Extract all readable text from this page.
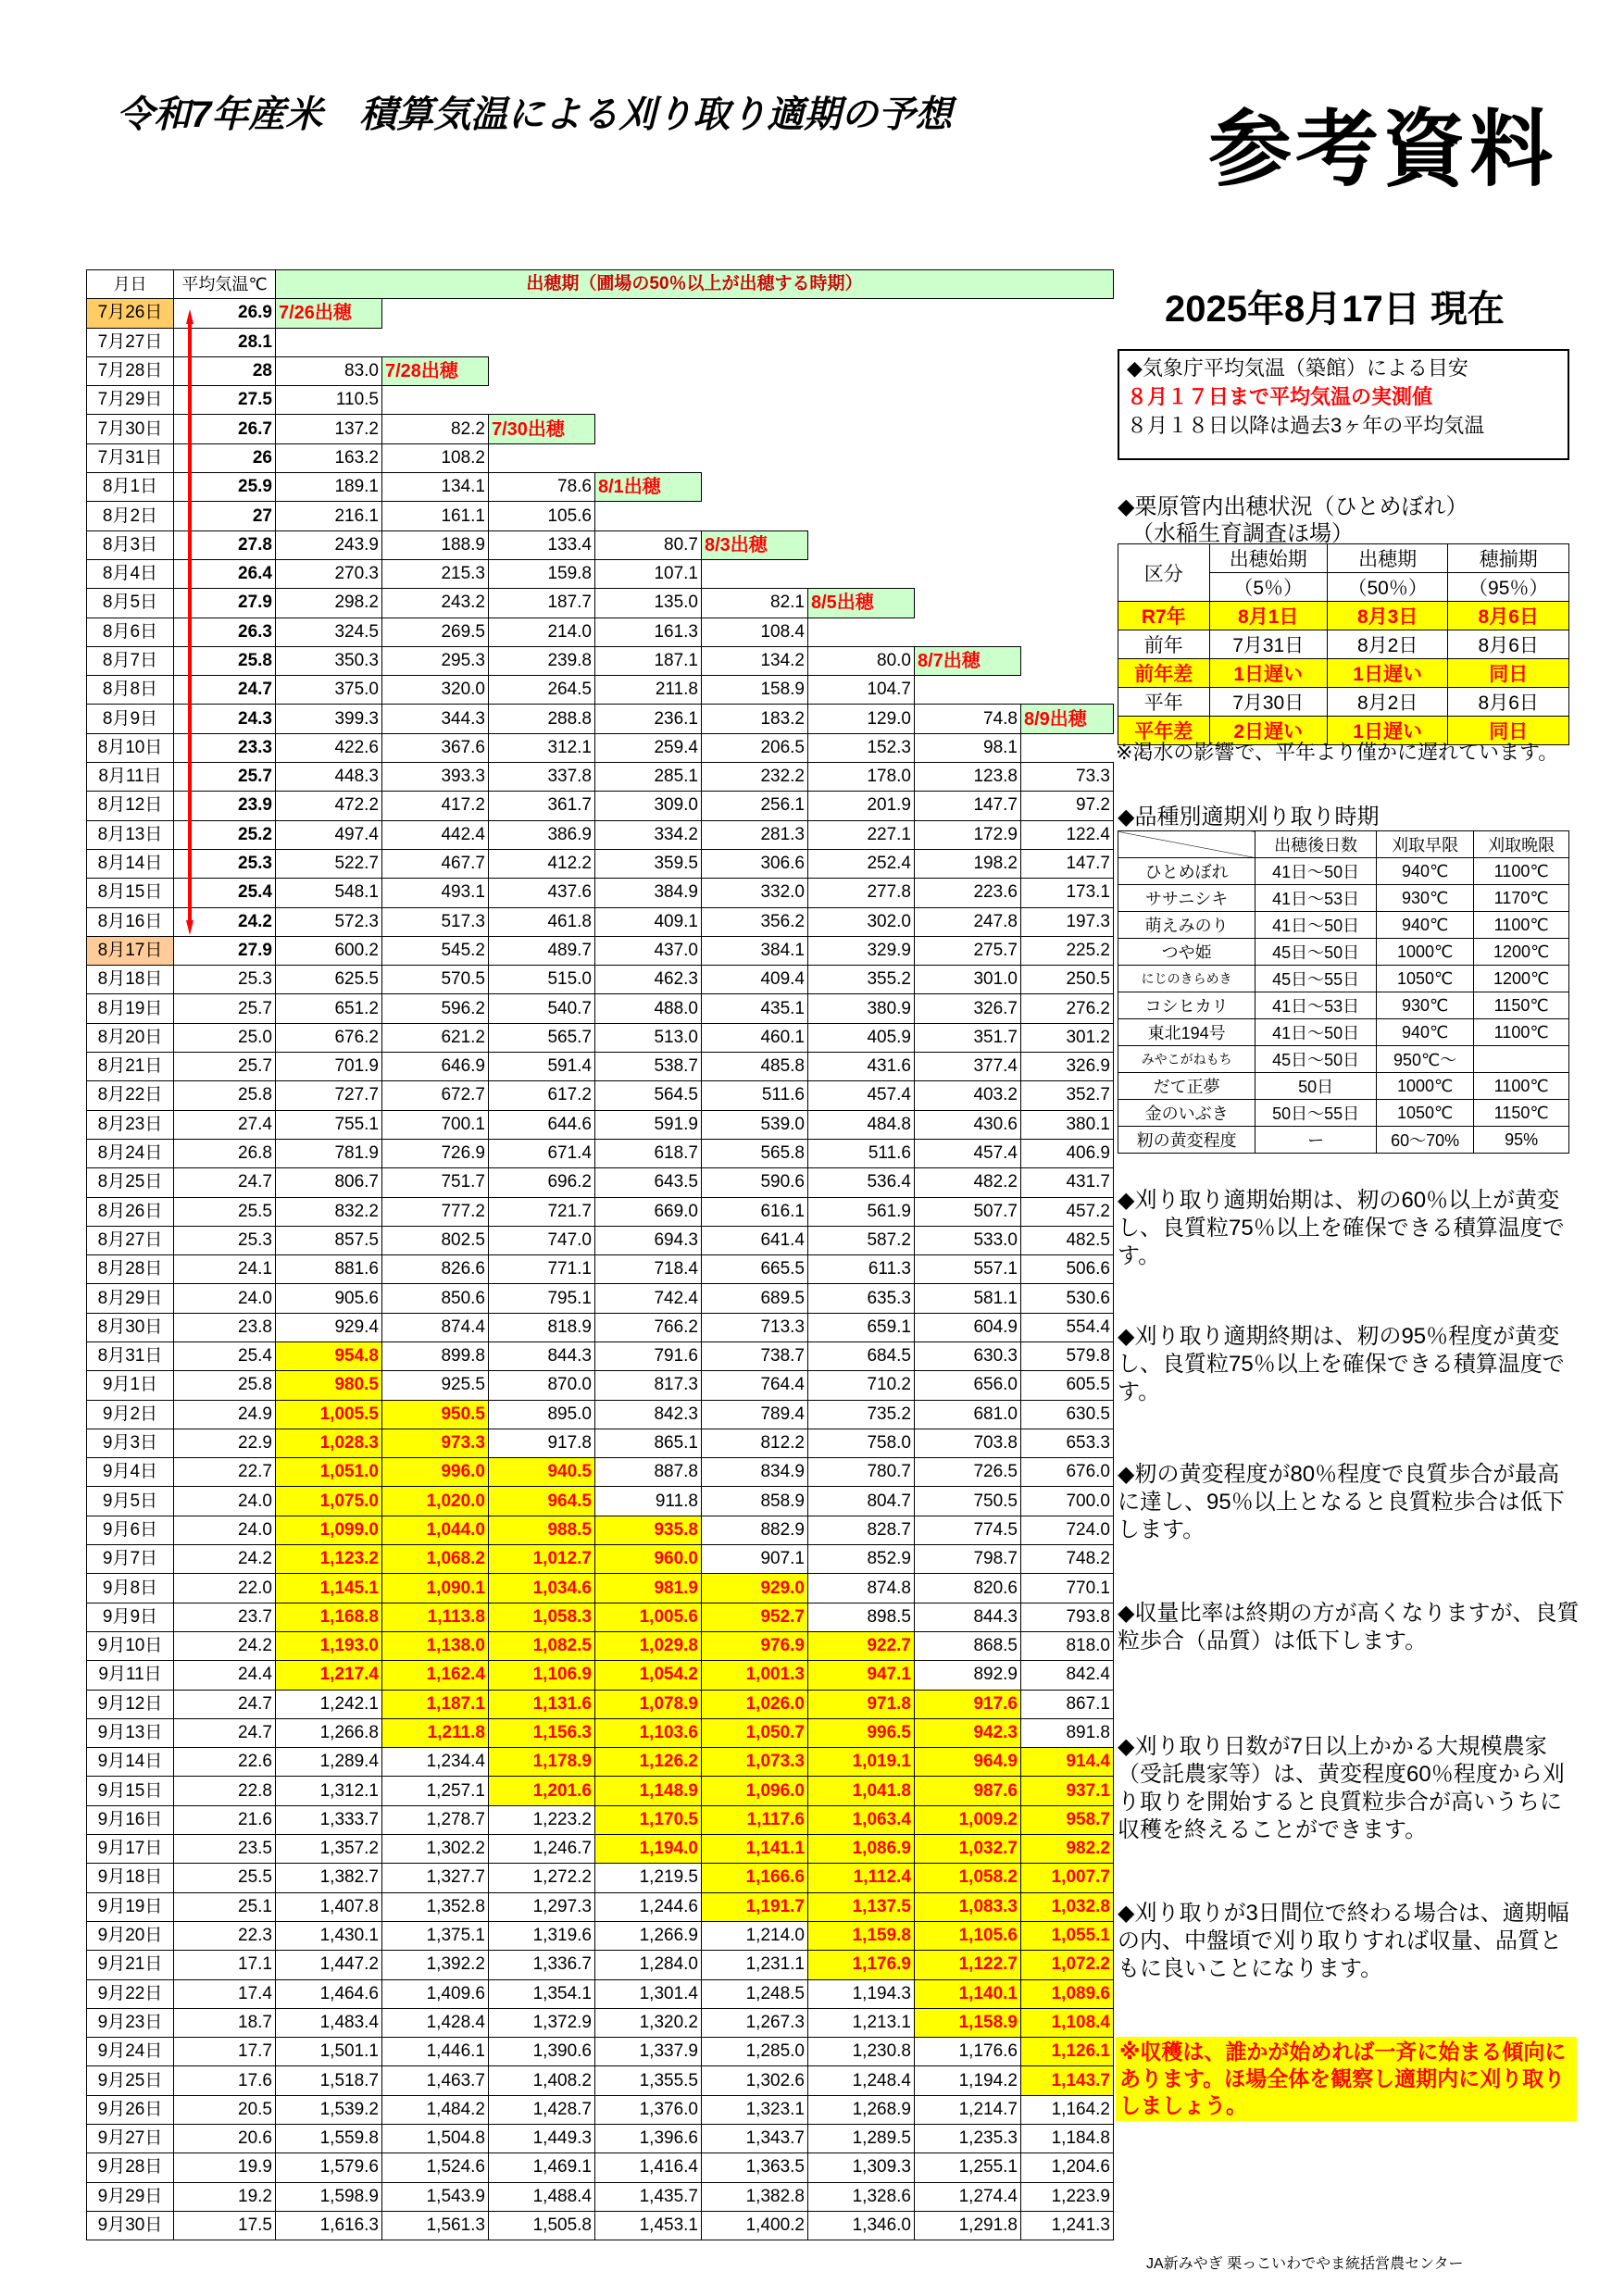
令和7年産米　積算気温による刈り取り適期の予想	参考資料
2025年8月17日 現在
月日	平均気温℃	出穂期（圃場の50％以上が出穂する時期）							
7月26日	26.9	7/26出穂							
7月27日	28.1								
7月28日	28	83.0	7/28出穂						
7月29日	27.5	110.5							
7月30日	26.7	137.2	82.2	7/30出穂					
7月31日	26	163.2	108.2						
8月1日	25.9	189.1	134.1	78.6	8/1出穂				
8月2日	27	216.1	161.1	105.6					
8月3日	27.8	243.9	188.9	133.4	80.7	8/3出穂			
8月4日	26.4	270.3	215.3	159.8	107.1				
8月5日	27.9	298.2	243.2	187.7	135.0	82.1	8/5出穂		
8月6日	26.3	324.5	269.5	214.0	161.3	108.4			
8月7日	25.8	350.3	295.3	239.8	187.1	134.2	80.0	8/7出穂	
8月8日	24.7	375.0	320.0	264.5	211.8	158.9	104.7		
8月9日	24.3	399.3	344.3	288.8	236.1	183.2	129.0	74.8	8/9出穂
8月10日	23.3	422.6	367.6	312.1	259.4	206.5	152.3	98.1	
8月11日	25.7	448.3	393.3	337.8	285.1	232.2	178.0	123.8	73.3
8月12日	23.9	472.2	417.2	361.7	309.0	256.1	201.9	147.7	97.2
8月13日	25.2	497.4	442.4	386.9	334.2	281.3	227.1	172.9	122.4
8月14日	25.3	522.7	467.7	412.2	359.5	306.6	252.4	198.2	147.7
8月15日	25.4	548.1	493.1	437.6	384.9	332.0	277.8	223.6	173.1
8月16日	24.2	572.3	517.3	461.8	409.1	356.2	302.0	247.8	197.3
8月17日	27.9	600.2	545.2	489.7	437.0	384.1	329.9	275.7	225.2
8月18日	25.3	625.5	570.5	515.0	462.3	409.4	355.2	301.0	250.5
8月19日	25.7	651.2	596.2	540.7	488.0	435.1	380.9	326.7	276.2
8月20日	25.0	676.2	621.2	565.7	513.0	460.1	405.9	351.7	301.2
8月21日	25.7	701.9	646.9	591.4	538.7	485.8	431.6	377.4	326.9
8月22日	25.8	727.7	672.7	617.2	564.5	511.6	457.4	403.2	352.7
8月23日	27.4	755.1	700.1	644.6	591.9	539.0	484.8	430.6	380.1
8月24日	26.8	781.9	726.9	671.4	618.7	565.8	511.6	457.4	406.9
8月25日	24.7	806.7	751.7	696.2	643.5	590.6	536.4	482.2	431.7
8月26日	25.5	832.2	777.2	721.7	669.0	616.1	561.9	507.7	457.2
8月27日	25.3	857.5	802.5	747.0	694.3	641.4	587.2	533.0	482.5
8月28日	24.1	881.6	826.6	771.1	718.4	665.5	611.3	557.1	506.6
8月29日	24.0	905.6	850.6	795.1	742.4	689.5	635.3	581.1	530.6
8月30日	23.8	929.4	874.4	818.9	766.2	713.3	659.1	604.9	554.4
8月31日	25.4	954.8	899.8	844.3	791.6	738.7	684.5	630.3	579.8
9月1日	25.8	980.5	925.5	870.0	817.3	764.4	710.2	656.0	605.5
9月2日	24.9	1,005.5	950.5	895.0	842.3	789.4	735.2	681.0	630.5
9月3日	22.9	1,028.3	973.3	917.8	865.1	812.2	758.0	703.8	653.3
9月4日	22.7	1,051.0	996.0	940.5	887.8	834.9	780.7	726.5	676.0
9月5日	24.0	1,075.0	1,020.0	964.5	911.8	858.9	804.7	750.5	700.0
9月6日	24.0	1,099.0	1,044.0	988.5	935.8	882.9	828.7	774.5	724.0
9月7日	24.2	1,123.2	1,068.2	1,012.7	960.0	907.1	852.9	798.7	748.2
9月8日	22.0	1,145.1	1,090.1	1,034.6	981.9	929.0	874.8	820.6	770.1
9月9日	23.7	1,168.8	1,113.8	1,058.3	1,005.6	952.7	898.5	844.3	793.8
9月10日	24.2	1,193.0	1,138.0	1,082.5	1,029.8	976.9	922.7	868.5	818.0
9月11日	24.4	1,217.4	1,162.4	1,106.9	1,054.2	1,001.3	947.1	892.9	842.4
9月12日	24.7	1,242.1	1,187.1	1,131.6	1,078.9	1,026.0	971.8	917.6	867.1
9月13日	24.7	1,266.8	1,211.8	1,156.3	1,103.6	1,050.7	996.5	942.3	891.8
9月14日	22.6	1,289.4	1,234.4	1,178.9	1,126.2	1,073.3	1,019.1	964.9	914.4
9月15日	22.8	1,312.1	1,257.1	1,201.6	1,148.9	1,096.0	1,041.8	987.6	937.1
9月16日	21.6	1,333.7	1,278.7	1,223.2	1,170.5	1,117.6	1,063.4	1,009.2	958.7
9月17日	23.5	1,357.2	1,302.2	1,246.7	1,194.0	1,141.1	1,086.9	1,032.7	982.2
9月18日	25.5	1,382.7	1,327.7	1,272.2	1,219.5	1,166.6	1,112.4	1,058.2	1,007.7
9月19日	25.1	1,407.8	1,352.8	1,297.3	1,244.6	1,191.7	1,137.5	1,083.3	1,032.8
9月20日	22.3	1,430.1	1,375.1	1,319.6	1,266.9	1,214.0	1,159.8	1,105.6	1,055.1
9月21日	17.1	1,447.2	1,392.2	1,336.7	1,284.0	1,231.1	1,176.9	1,122.7	1,072.2
9月22日	17.4	1,464.6	1,409.6	1,354.1	1,301.4	1,248.5	1,194.3	1,140.1	1,089.6
9月23日	18.7	1,483.4	1,428.4	1,372.9	1,320.2	1,267.3	1,213.1	1,158.9	1,108.4
9月24日	17.7	1,501.1	1,446.1	1,390.6	1,337.9	1,285.0	1,230.8	1,176.6	1,126.1
9月25日	17.6	1,518.7	1,463.7	1,408.2	1,355.5	1,302.6	1,248.4	1,194.2	1,143.7
9月26日	20.5	1,539.2	1,484.2	1,428.7	1,376.0	1,323.1	1,268.9	1,214.7	1,164.2
9月27日	20.6	1,559.8	1,504.8	1,449.3	1,396.6	1,343.7	1,289.5	1,235.3	1,184.8
9月28日	19.9	1,579.6	1,524.6	1,469.1	1,416.4	1,363.5	1,309.3	1,255.1	1,204.6
9月29日	19.2	1,598.9	1,543.9	1,488.4	1,435.7	1,382.8	1,328.6	1,274.4	1,223.9
9月30日	17.5	1,616.3	1,561.3	1,505.8	1,453.1	1,400.2	1,346.0	1,291.8	1,241.3
◆気象庁平均気温（築館）による目安
８月１７日まで平均気温の実測値
８月１８日以降は過去3ヶ年の平均気温
◆栗原管内出穂状況（ひとめぼれ）
（水稲生育調査ほ場）
区分	出穂始期	出穂期	穂揃期
	（5％）	（50％）	（95％）
R7年	8月1日	8月3日	8月6日
前年	7月31日	8月2日	8月6日
前年差	1日遅い	1日遅い	同日
平年	7月30日	8月2日	8月6日
平年差	2日遅い	1日遅い	同日
※渇水の影響で、平年より僅かに遅れています。
◆品種別適期刈り取り時期
	出穂後日数	刈取早限	刈取晩限
ひとめぼれ	41日～50日	940℃	1100℃
ササニシキ	41日～53日	930℃	1170℃
萌えみのり	41日～50日	940℃	1100℃
つや姫	45日～50日	1000℃	1200℃
にじのきらめき	45日～55日	1050℃	1200℃
コシヒカリ	41日～53日	930℃	1150℃
東北194号	41日～50日	940℃	1100℃
みやこがねもち	45日～50日	950℃～	
だて正夢	50日	1000℃	1100℃
金のいぶき	50日～55日	1050℃	1150℃
籾の黄変程度	ー	60～70%	95%
◆刈り取り適期始期は、籾の60％以上が黄変し、良質粒75％以上を確保できる積算温度です。
◆刈り取り適期終期は、籾の95％程度が黄変し、良質粒75％以上を確保できる積算温度です。
◆籾の黄変程度が80％程度で良質歩合が最高に達し、95％以上となると良質粒歩合は低下します。
◆収量比率は終期の方が高くなりますが、良質粒歩合（品質）は低下します。
◆刈り取り日数が7日以上かかる大規模農家（受託農家等）は、黄変程度60％程度から刈り取りを開始すると良質粒歩合が高いうちに収穫を終えることができます。
◆刈り取りが3日間位で終わる場合は、適期幅の内、中盤頃で刈り取りすれば収量、品質ともに良いことになります。
※収穫は、誰かが始めれば一斉に始まる傾向にあります。ほ場全体を観察し適期内に刈り取りしましょう。
JA新みやぎ 栗っこいわでやま統括営農センター
